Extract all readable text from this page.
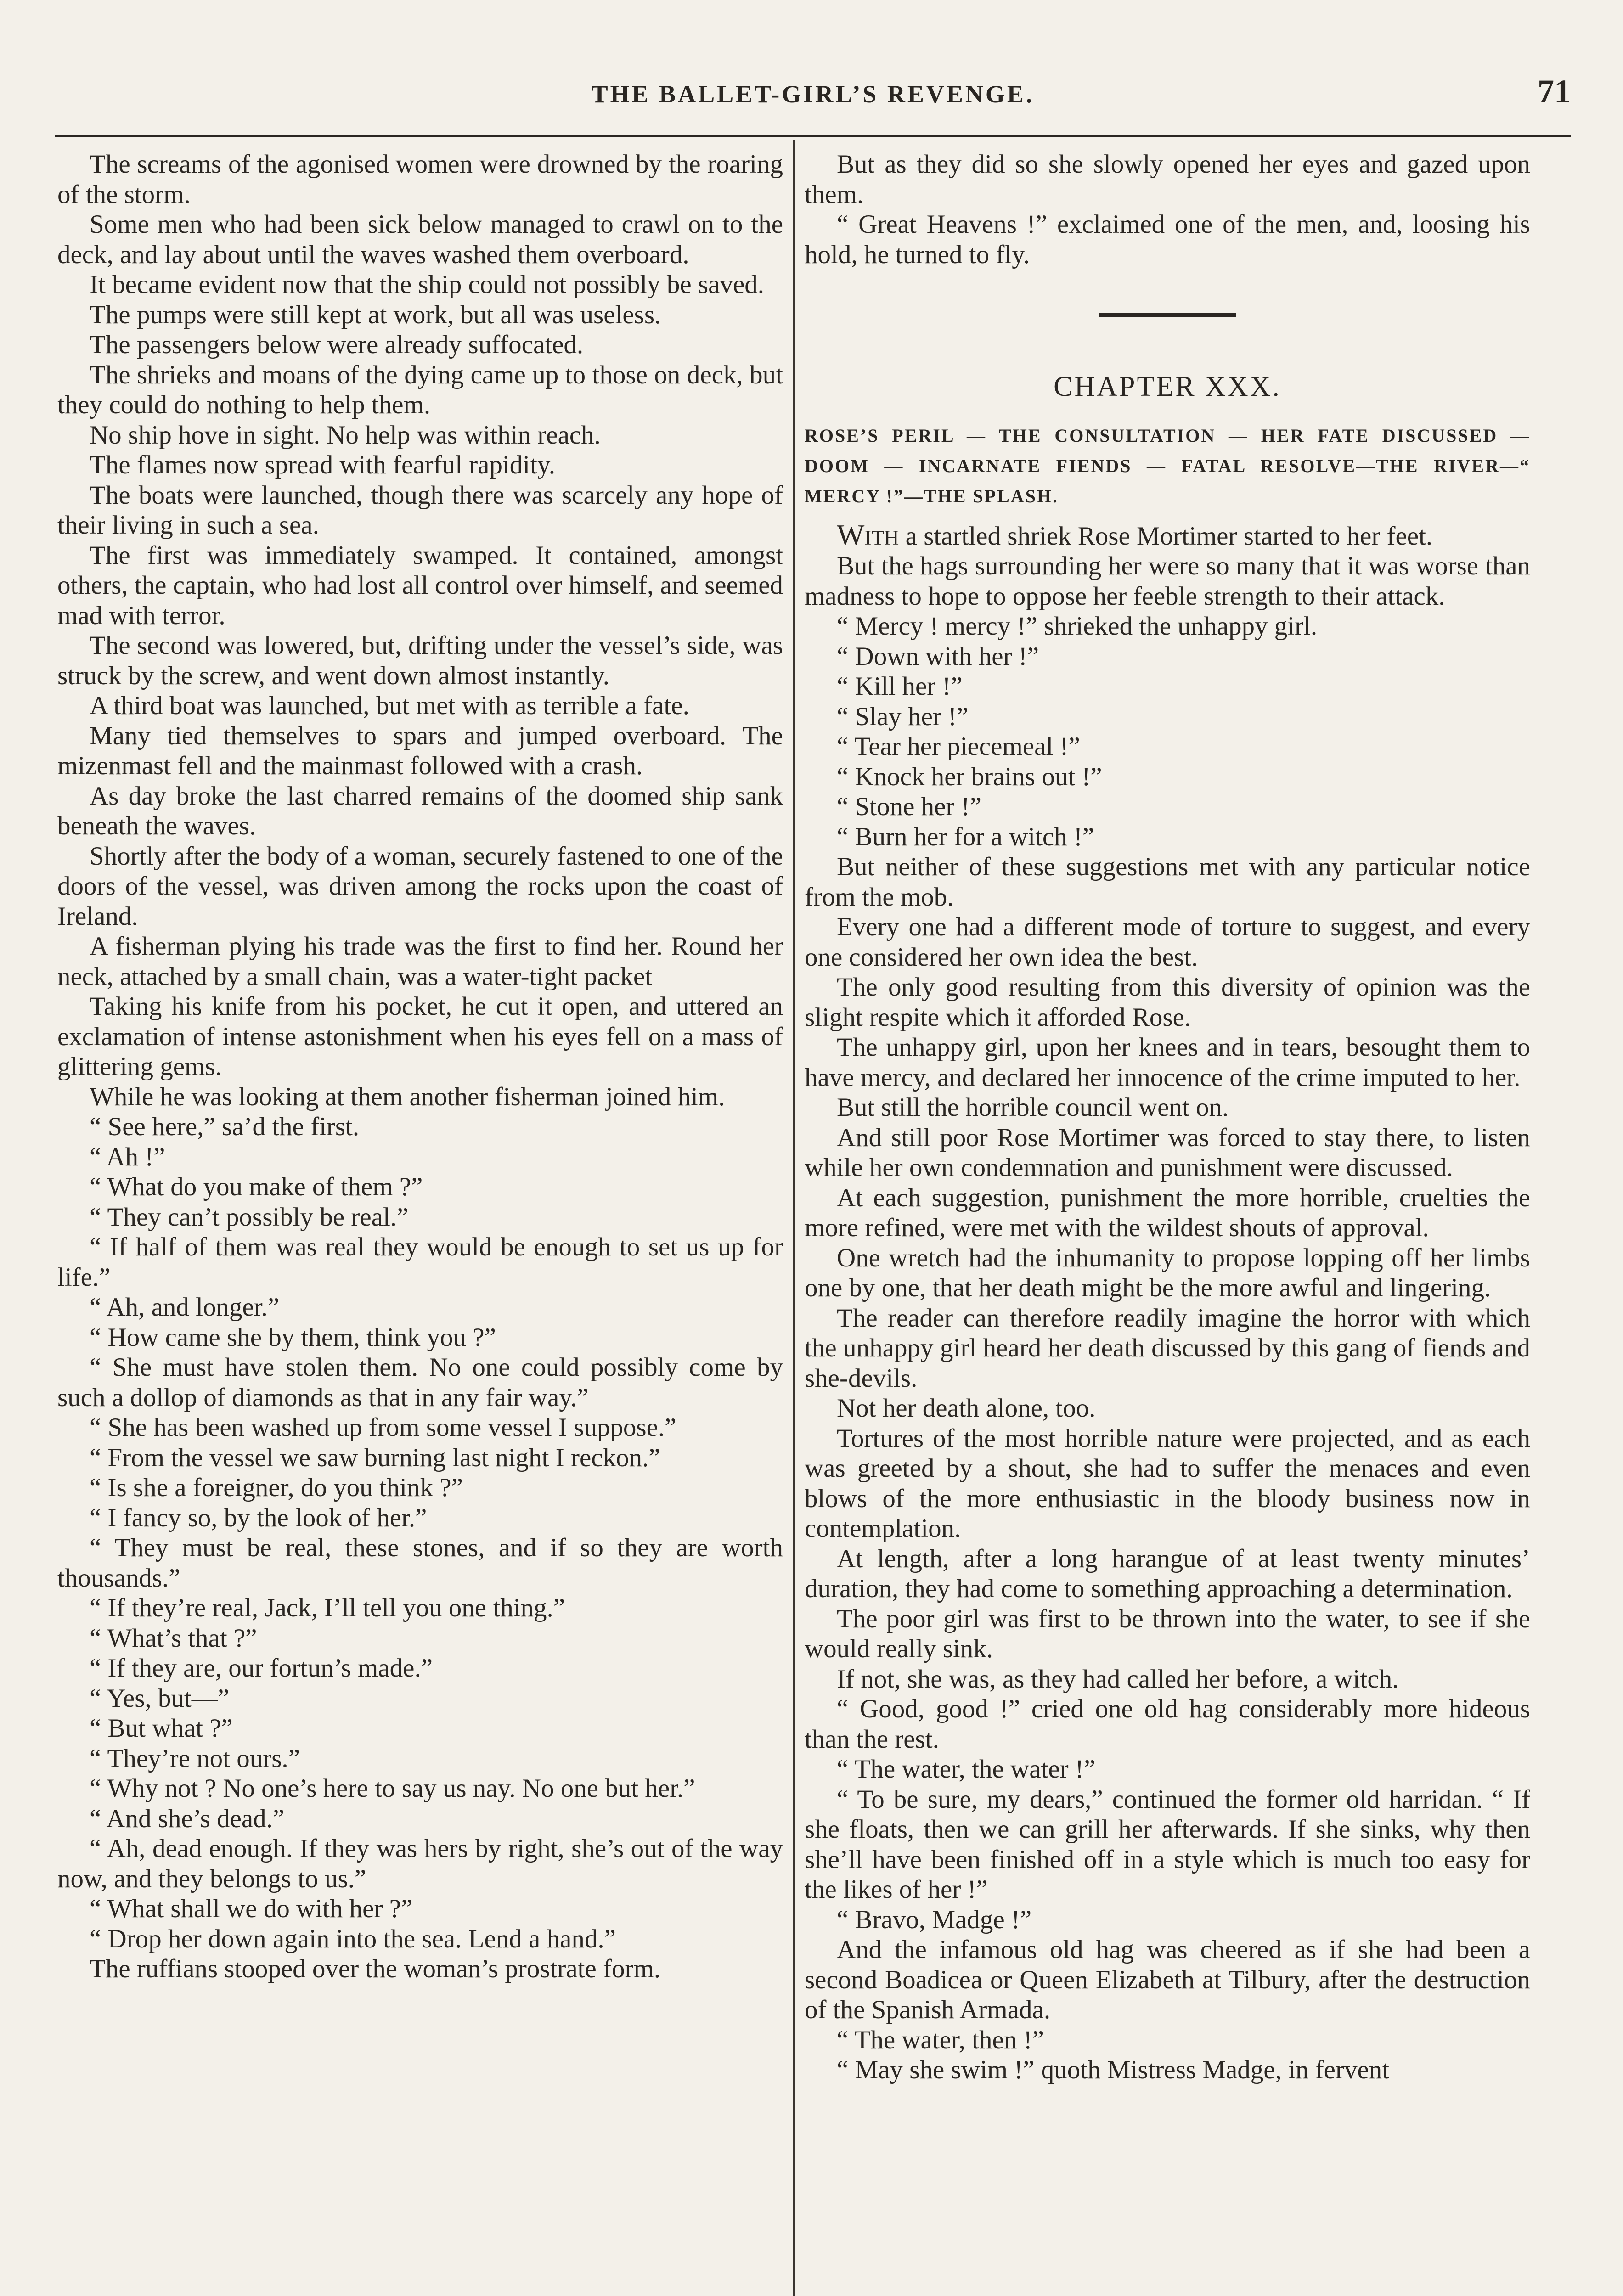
THE BALLET-GIRL’S REVENGE.	71

The screams of the agonised women were drowned by the roaring of the storm.

Some men who had been sick below managed to crawl on to the deck, and lay about until the waves washed them overboard.

It became evident now that the ship could not possibly be saved.

The pumps were still kept at work, but all was useless.

The passengers below were already suffocated.

The shrieks and moans of the dying came up to those on deck, but they could do nothing to help them.

No ship hove in sight. No help was within reach.

The flames now spread with fearful rapidity.

The boats were launched, though there was scarcely any hope of their living in such a sea.

The first was immediately swamped. It contained, amongst others, the captain, who had lost all control over himself, and seemed mad with terror.

The second was lowered, but, drifting under the vessel’s side, was struck by the screw, and went down almost instantly.

A third boat was launched, but met with as terrible a fate.

Many tied themselves to spars and jumped overboard. The mizenmast fell and the mainmast followed with a crash.

As day broke the last charred remains of the doomed ship sank beneath the waves.

Shortly after the body of a woman, securely fastened to one of the doors of the vessel, was driven among the rocks upon the coast of Ireland.

A fisherman plying his trade was the first to find her. Round her neck, attached by a small chain, was a water-tight packet

Taking his knife from his pocket, he cut it open, and uttered an exclamation of intense astonishment when his eyes fell on a mass of glittering gems.

While he was looking at them another fisherman joined him.

“ See here,” sa’d the first.

“ Ah !”

“ What do you make of them ?”

“ They can’t possibly be real.”

“ If half of them was real they would be enough to set us up for life.”

“ Ah, and longer.”

“ How came she by them, think you ?”

“ She must have stolen them. No one could possibly come by such a dollop of diamonds as that in any fair way.”

“ She has been washed up from some vessel I suppose.”

“ From the vessel we saw burning last night I reckon.”

“ Is she a foreigner, do you think ?”

“ I fancy so, by the look of her.”

“ They must be real, these stones, and if so they are worth thousands.”

“ If they’re real, Jack, I’ll tell you one thing.”

“ What’s that ?”

“ If they are, our fortun’s made.”

“ Yes, but—”

“ But what ?”

“ They’re not ours.”

“ Why not ? No one’s here to say us nay. No one but her.”

“ And she’s dead.”

“ Ah, dead enough. If they was hers by right, she’s out of the way now, and they belongs to us.”

“ What shall we do with her ?”

“ Drop her down again into the sea. Lend a hand.”

The ruffians stooped over the woman’s prostrate form.

But as they did so she slowly opened her eyes and gazed upon them.

“ Great Heavens !” exclaimed one of the men, and, loosing his hold, he turned to fly.

CHAPTER XXX.
ROSE’S PERIL — THE CONSULTATION — HER FATE DISCUSSED — DOOM — INCARNATE FIENDS — FATAL RESOLVE—THE RIVER—“ MERCY !”—THE SPLASH.

With a startled shriek Rose Mortimer started to her feet.

But the hags surrounding her were so many that it was worse than madness to hope to oppose her feeble strength to their attack.

“ Mercy ! mercy !” shrieked the unhappy girl.

“ Down with her !”

“ Kill her !”

“ Slay her !”

“ Tear her piecemeal !”

“ Knock her brains out !”

“ Stone her !”

“ Burn her for a witch !”

But neither of these suggestions met with any particular notice from the mob.

Every one had a different mode of torture to suggest, and every one considered her own idea the best.

The only good resulting from this diversity of opinion was the slight respite which it afforded Rose.

The unhappy girl, upon her knees and in tears, besought them to have mercy, and declared her innocence of the crime imputed to her.

But still the horrible council went on.

And still poor Rose Mortimer was forced to stay there, to listen while her own condemnation and punishment were discussed.

At each suggestion, punishment the more horrible, cruelties the more refined, were met with the wildest shouts of approval.

One wretch had the inhumanity to propose lopping off her limbs one by one, that her death might be the more awful and lingering.

The reader can therefore readily imagine the horror with which the unhappy girl heard her death discussed by this gang of fiends and she-devils.

Not her death alone, too.

Tortures of the most horrible nature were projected, and as each was greeted by a shout, she had to suffer the menaces and even blows of the more enthusiastic in the bloody business now in contemplation.

At length, after a long harangue of at least twenty minutes’ duration, they had come to something approaching a determination.

The poor girl was first to be thrown into the water, to see if she would really sink.

If not, she was, as they had called her before, a witch.

“ Good, good !” cried one old hag considerably more hideous than the rest.

“ The water, the water !”

“ To be sure, my dears,” continued the former old harridan. “ If she floats, then we can grill her afterwards. If she sinks, why then she’ll have been finished off in a style which is much too easy for the likes of her !”

“ Bravo, Madge !”

And the infamous old hag was cheered as if she had been a second Boadicea or Queen Elizabeth at Tilbury, after the destruction of the Spanish Armada.

“ The water, then !”

“ May she swim !” quoth Mistress Madge, in fervent
